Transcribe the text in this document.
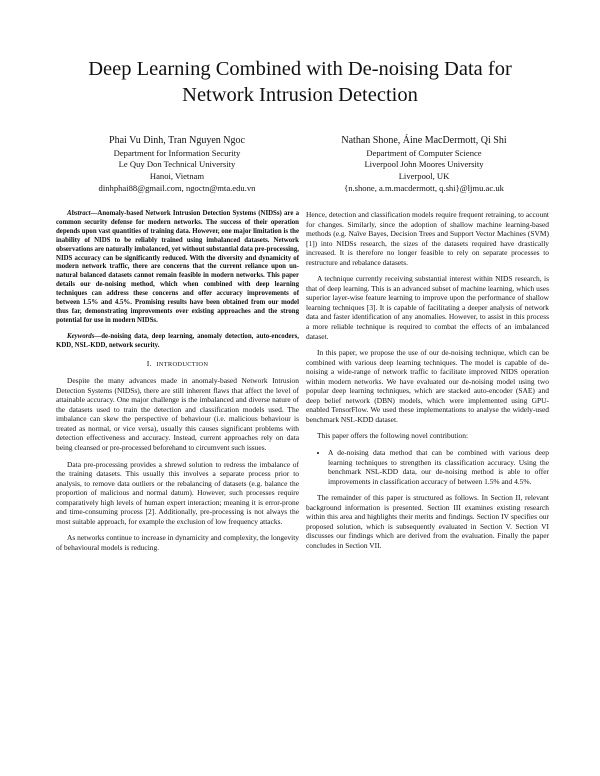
Deep Learning Combined with De-noising Data for
Network Intrusion Detection
Phai Vu Dinh, Tran Nguyen Ngoc
Department for Information Security
Le Quy Don Technical University
Hanoi, Vietnam
dinhphai88@gmail.com, ngoctn@mta.edu.vn
Nathan Shone, Áine MacDermott, Qi Shi
Department of Computer Science
Liverpool John Moores University
Liverpool, UK
{n.shone, a.m.macdermott, q.shi}@ljmu.ac.uk

Abstract—Anomaly-based Network Intrusion Detection Systems (NIDSs) are a common security defense for modern networks. The success of their operation depends upon vast quantities of training data. However, one major limitation is the inability of NIDS to be reliably trained using imbalanced datasets. Network observations are naturally imbalanced, yet without substantial data pre-processing, NIDS accuracy can be significantly reduced. With the diversity and dynamicity of modern network traffic, there are concerns that the current reliance upon un-natural balanced datasets cannot remain feasible in modern networks. This paper details our de-noising method, which when combined with deep learning techniques can address these concerns and offer accuracy improvements of between 1.5% and 4.5%. Promising results have been obtained from our model thus far, demonstrating improvements over existing approaches and the strong potential for use in modern NIDSs.

Keywords—de-noising data, deep learning, anomaly detection, auto-encoders, KDD, NSL-KDD, network security.

I. INTRODUCTION

Despite the many advances made in anomaly-based Network Intrusion Detection Systems (NIDSs), there are still inherent flaws that affect the level of attainable accuracy. One major challenge is the imbalanced and diverse nature of the datasets used to train the detection and classification models used. The imbalance can skew the perspective of behaviour (i.e. malicious behaviour is treated as normal, or vice versa), usually this causes significant problems with detection effectiveness and accuracy. Instead, current approaches rely on data being cleansed or pre-processed beforehand to circumvent such issues.

Data pre-processing provides a shrewd solution to redress the imbalance of the training datasets. This usually this involves a separate process prior to analysis, to remove data outliers or the rebalancing of datasets (e.g. balance the proportion of malicious and normal datum). However, such processes require comparatively high levels of human expert interaction; meaning it is error-prone and time-consuming process [2]. Additionally, pre-processing is not always the most suitable approach, for example the exclusion of low frequency attacks.

As networks continue to increase in dynamicity and complexity, the longevity of behavioural models is reducing.

Hence, detection and classification models require frequent retraining, to account for changes. Similarly, since the adoption of shallow machine learning-based methods (e.g. Naïve Bayes, Decision Trees and Support Vector Machines (SVM) [1]) into NIDSs research, the sizes of the datasets required have drastically increased. It is therefore no longer feasible to rely on separate processes to restructure and rebalance datasets.

A technique currently receiving substantial interest within NIDS research, is that of deep learning. This is an advanced subset of machine learning, which uses superior layer-wise feature learning to improve upon the performance of shallow learning techniques [3]. It is capable of facilitating a deeper analysis of network data and faster identification of any anomalies. However, to assist in this process a more reliable technique is required to combat the effects of an imbalanced dataset.

In this paper, we propose the use of our de-noising technique, which can be combined with various deep learning techniques. The model is capable of de-noising a wide-range of network traffic to facilitate improved NIDS operation within modern networks. We have evaluated our de-noising model using two popular deep learning techniques, which are stacked auto-encoder (SAE) and deep belief network (DBN) models, which were implemented using GPU-enabled TensorFlow. We used these implementations to analyse the widely-used benchmark NSL-KDD dataset.

This paper offers the following novel contribution:

• A de-noising data method that can be combined with various deep learning techniques to strengthen its classification accuracy. Using the benchmark NSL-KDD data, our de-noising method is able to offer improvements in classification accuracy of between 1.5% and 4.5%.

The remainder of this paper is structured as follows. In Section II, relevant background information is presented. Section III examines existing research within this area and highlights their merits and findings. Section IV specifies our proposed solution, which is subsequently evaluated in Section V. Section VI discusses our findings which are derived from the evaluation. Finally the paper concludes in Section VII.
